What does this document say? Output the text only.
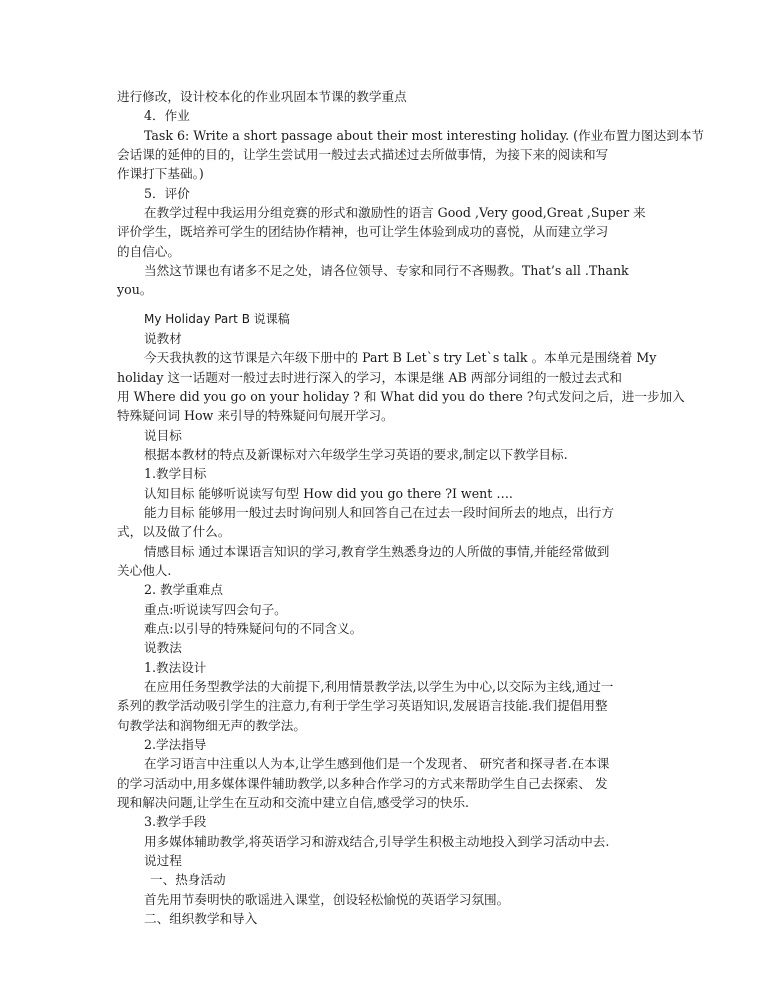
进行修改，设计校本化的作业巩固本节课的教学重点
4．作业
Task 6: Write a short passage about their most interesting holiday. (作业布置力图达到本节
会话课的延伸的目的，让学生尝试用一般过去式描述过去所做事情，为接下来的阅读和写
作课打下基础。)
5．评价
在教学过程中我运用分组竞赛的形式和激励性的语言 Good ,Very good,Great ,Super 来
评价学生，既培养可学生的团结协作精神，也可让学生体验到成功的喜悦，从而建立学习
的自信心。
当然这节课也有诸多不足之处，请各位领导、专家和同行不吝赐教。That’s all .Thank
you。
My Holiday Part B 说课稿
说教材
今天我执教的这节课是六年级下册中的 Part B Let`s try Let`s talk 。本单元是围绕着 My
holiday 这一话题对一般过去时进行深入的学习，本课是继 AB 两部分词组的一般过去式和
用 Where did you go on your holiday ? 和 What did you do there ?句式发问之后，进一步加入
特殊疑问词 How 来引导的特殊疑问句展开学习。
说目标
根据本教材的特点及新课标对六年级学生学习英语的要求,制定以下教学目标.
1.教学目标
认知目标 能够听说读写句型 How did you go there ?I went ….
能力目标 能够用一般过去时询问别人和回答自己在过去一段时间所去的地点，出行方
式，以及做了什么。
情感目标 通过本课语言知识的学习,教育学生熟悉身边的人所做的事情,并能经常做到
关心他人.
2. 教学重难点
重点:听说读写四会句子。
难点:以引导的特殊疑问句的不同含义。
说教法
1.教法设计
在应用任务型教学法的大前提下,利用情景教学法,以学生为中心,以交际为主线,通过一
系列的教学活动吸引学生的注意力,有利于学生学习英语知识,发展语言技能.我们提倡用整
句教学法和润物细无声的教学法。
2.学法指导
在学习语言中注重以人为本,让学生感到他们是一个发现者、 研究者和探寻者.在本课
的学习活动中,用多媒体课件辅助教学,以多种合作学习的方式来帮助学生自己去探索、 发
现和解决问题,让学生在互动和交流中建立自信,感受学习的快乐.
3.教学手段
用多媒体辅助教学,将英语学习和游戏结合,引导学生积极主动地投入到学习活动中去.
说过程
一、热身活动
首先用节奏明快的歌谣进入课堂，创设轻松愉悦的英语学习氛围。
二、组织教学和导入
